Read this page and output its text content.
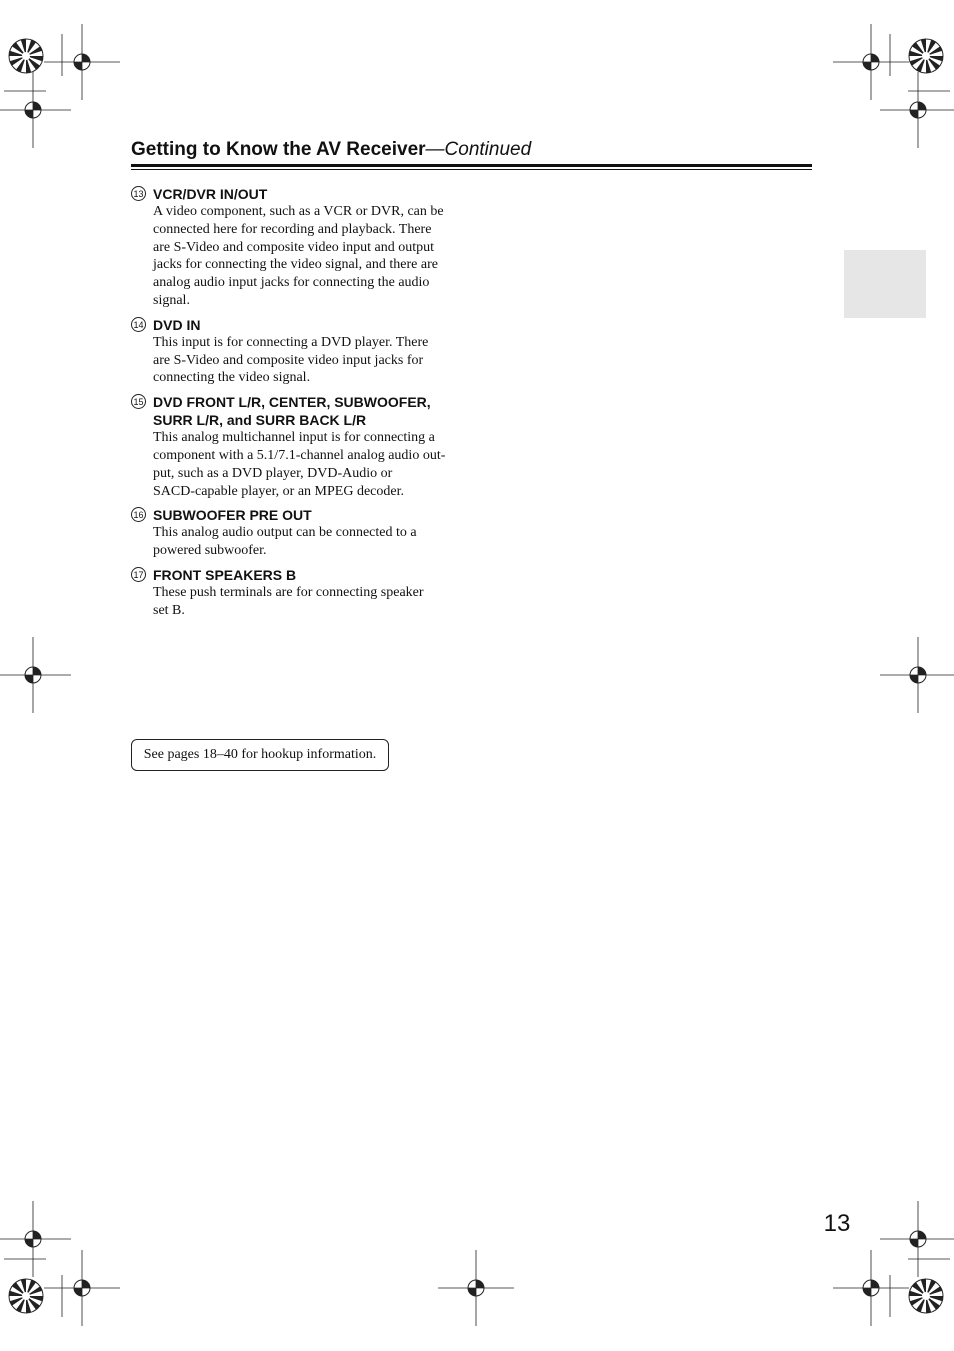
Getting to Know the AV Receiver—Continued
13 VCR/DVR IN/OUT
A video component, such as a VCR or DVR, can be
connected here for recording and playback. There
are S-Video and composite video input and output
jacks for connecting the video signal, and there are
analog audio input jacks for connecting the audio
signal.
14 DVD IN
This input is for connecting a DVD player. There
are S-Video and composite video input jacks for
connecting the video signal.
15 DVD FRONT L/R, CENTER, SUBWOOFER,
SURR L/R, and SURR BACK L/R
This analog multichannel input is for connecting a
component with a 5.1/7.1-channel analog audio out-
put, such as a DVD player, DVD-Audio or
SACD-capable player, or an MPEG decoder.
16 SUBWOOFER PRE OUT
This analog audio output can be connected to a
powered subwoofer.
17 FRONT SPEAKERS B
These push terminals are for connecting speaker
set B.
See pages 18–40 for hookup information.
13
